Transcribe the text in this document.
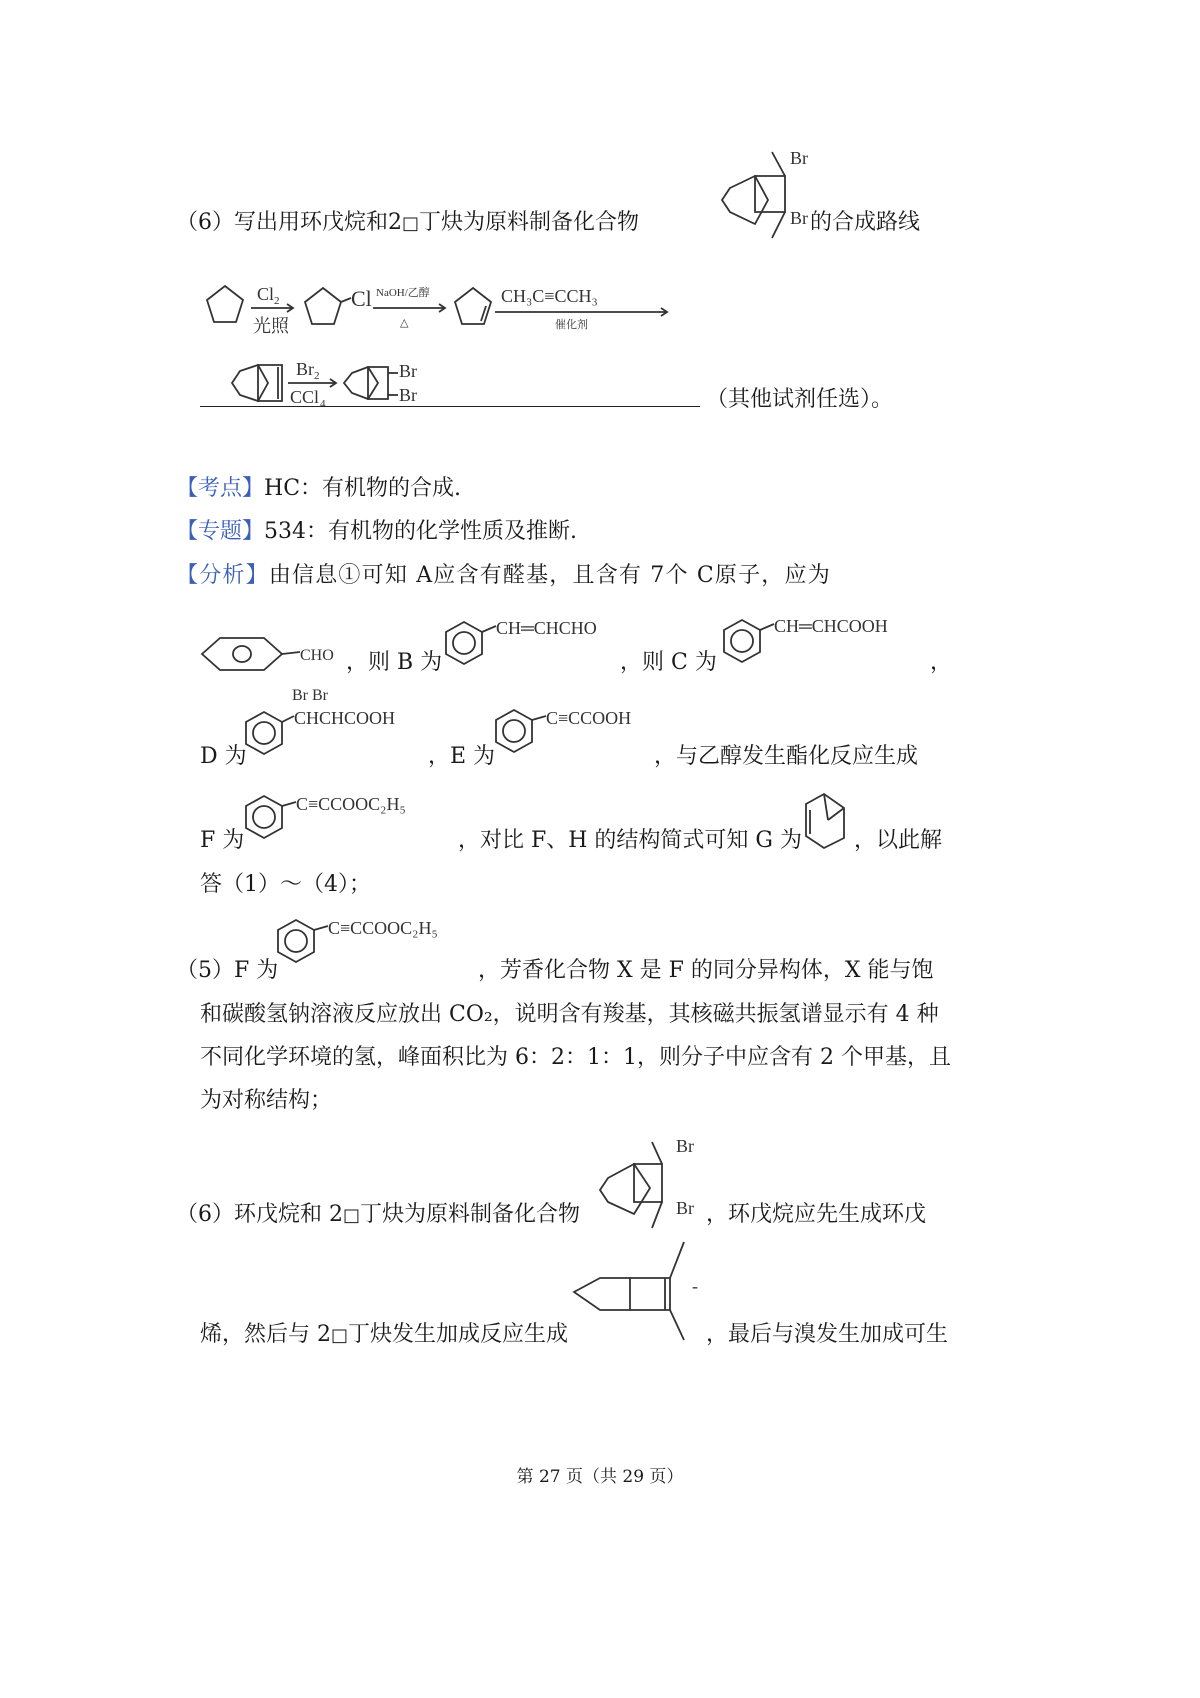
（6）写出用环戊烷和2□丁炔为原料制备化合物
Br
Br 的合成路线
Cl 2
光照
Cl NaOH/乙醇
△
CH₃C≡CCH₃
催化剂
Br 2
CCl 4
Br
Br	（其他试剂任选）。
【考点】HC：有机物的合成.
【专题】534：有机物的化学性质及推断.
【分析】由信息①可知 A应含有醛基，且含有 7个 C原子，应为
CHO ，则 B 为
CH═CHCHO
，则 C 为
CH═CHCOOH
，
Br Br
CHCHCOOH
D 为	，E 为
C≡CCOOH
，与乙醇发生酯化反应生成
C≡CCOOC₂H₅
F 为	，对比 F、H 的结构简式可知 G 为 ，以此解
答（1）～（4）；
C≡CCOOC₂H₅
（5）F 为	，芳香化合物 X 是 F 的同分异构体，X 能与饱
和碳酸氢钠溶液反应放出 CO₂，说明含有羧基，其核磁共振氢谱显示有 4 种
不同化学环境的氢，峰面积比为 6：2：1：1，则分子中应含有 2 个甲基，且
为对称结构；
Br
Br
（6）环戊烷和 2□丁炔为原料制备化合物	，环戊烷应先生成环戊
-
烯，然后与 2□丁炔发生加成反应生成	，最后与溴发生加成可生
第 27 页（共 29 页）
